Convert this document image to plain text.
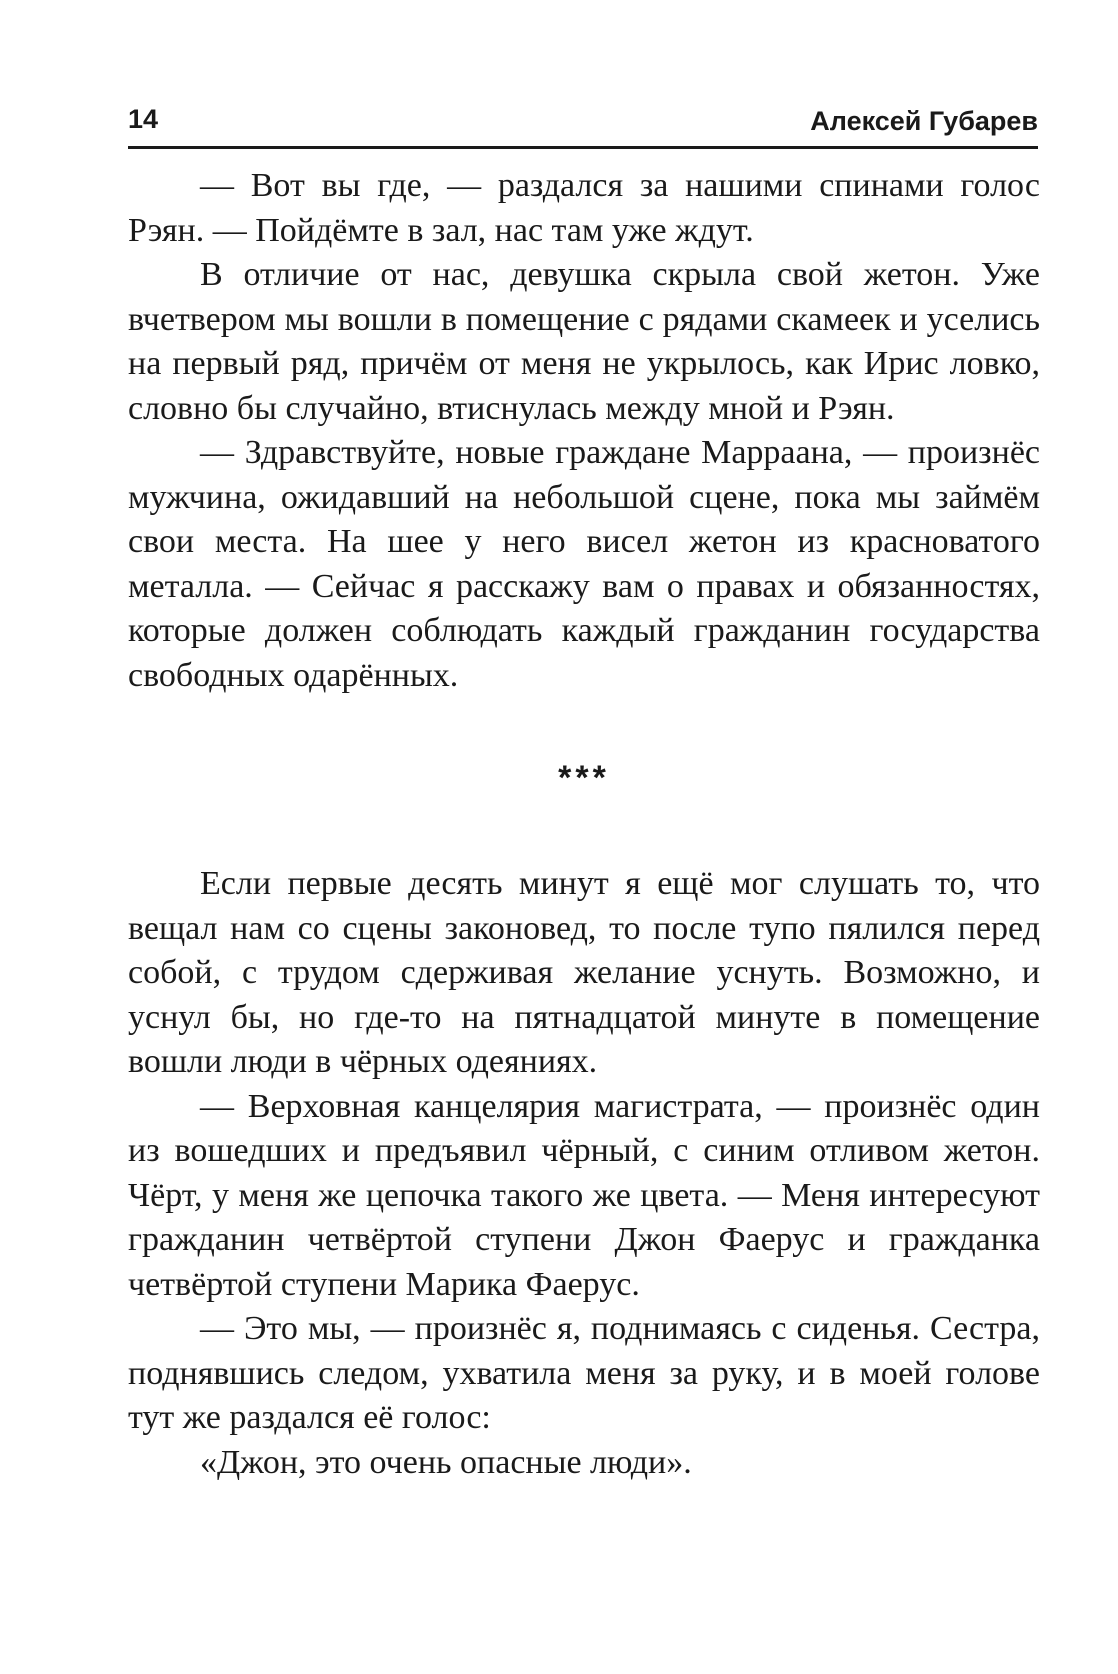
14	Алексей Губарев

— Вот вы где, — раздался за нашими спинами голос Рэян. — Пойдёмте в зал, нас там уже ждут.

В отличие от нас, девушка скрыла свой жетон. Уже вчетвером мы вошли в помещение с рядами скамеек и уселись на первый ряд, причём от меня не укрылось, как Ирис ловко, словно бы случайно, втиснулась между мной и Рэян.

— Здравствуйте, новые граждане Марраана, — произнёс мужчина, ожидавший на небольшой сцене, пока мы займём свои места. На шее у него висел жетон из красноватого металла. — Сейчас я расскажу вам о правах и обязанностях, которые должен соблюдать каждый гражданин государства свободных одарённых.

***

Если первые десять минут я ещё мог слушать то, что вещал нам со сцены законовед, то после тупо пялился перед собой, с трудом сдерживая желание уснуть. Возможно, и уснул бы, но где-то на пятнадцатой минуте в помещение вошли люди в чёрных одеяниях.

— Верховная канцелярия магистрата, — произнёс один из вошедших и предъявил чёрный, с синим отливом жетон. Чёрт, у меня же цепочка такого же цвета. — Меня интересуют гражданин четвёртой ступени Джон Фаерус и гражданка четвёртой ступени Марика Фаерус.

— Это мы, — произнёс я, поднимаясь с сиденья. Сестра, поднявшись следом, ухватила меня за руку, и в моей голове тут же раздался её голос:

«Джон, это очень опасные люди».
